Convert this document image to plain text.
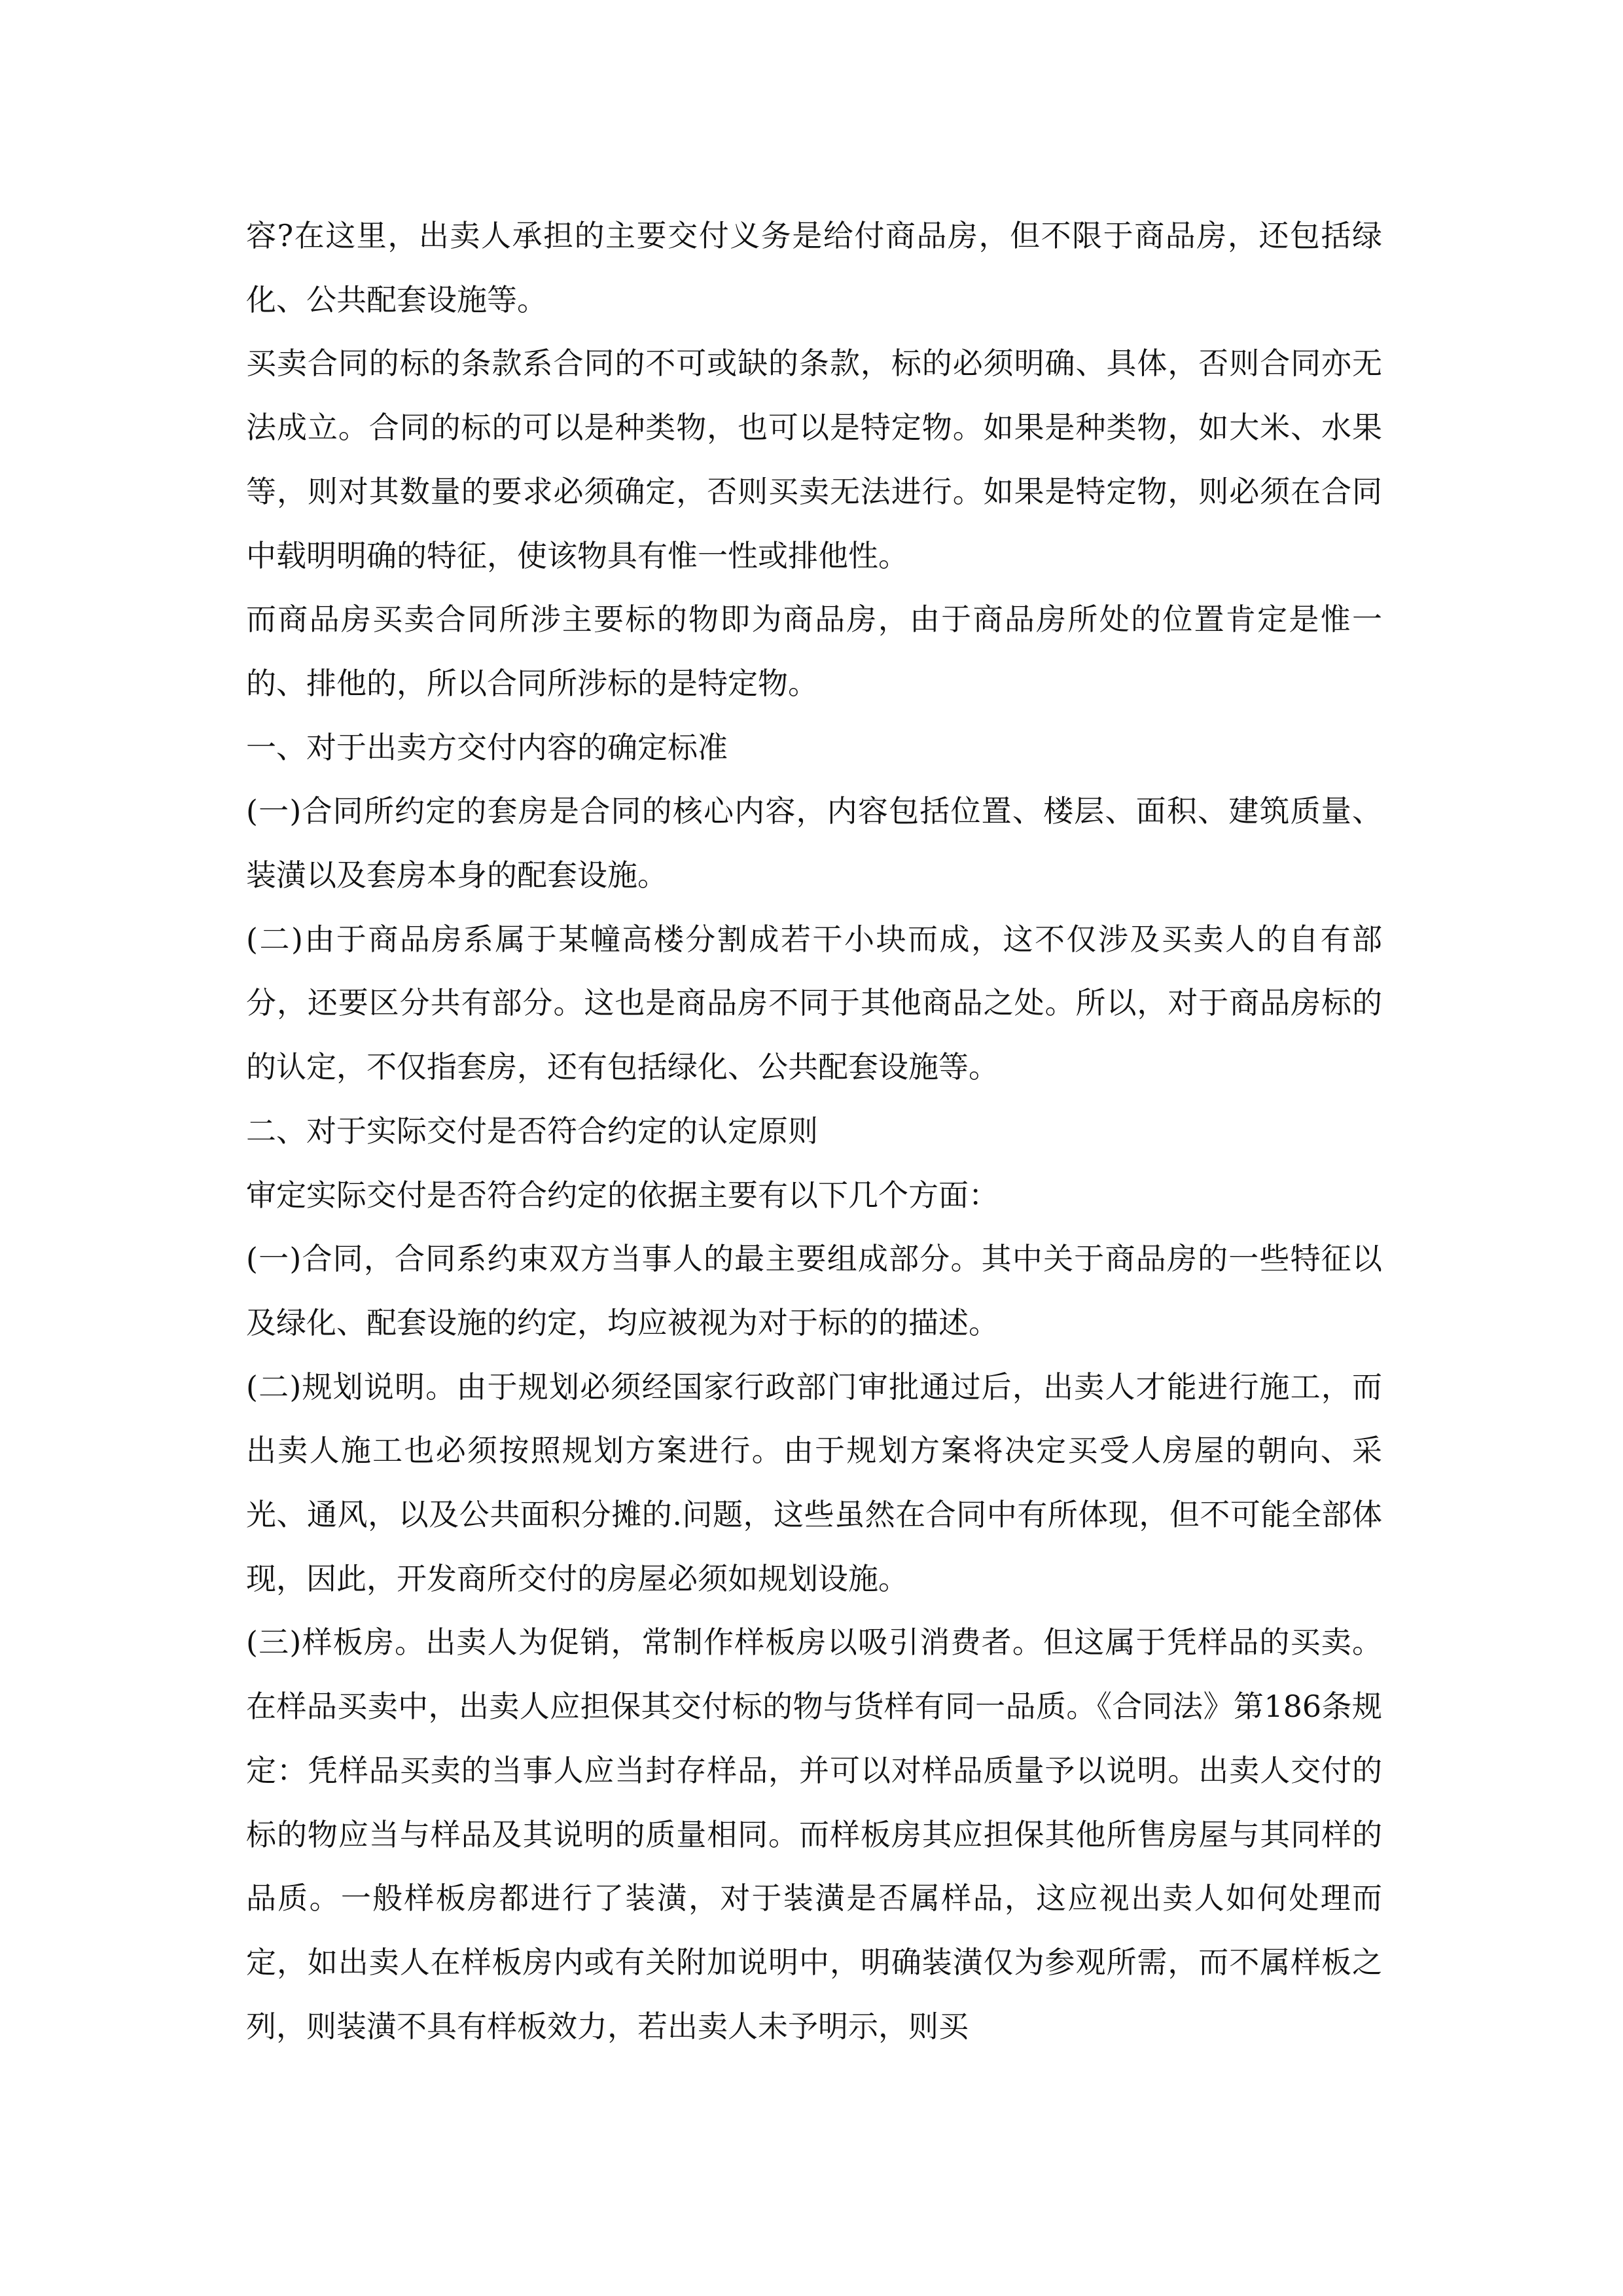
容?在这里，出卖人承担的主要交付义务是给付商品房，但不限于商品房，还包括绿化、公共配套设施等。

买卖合同的标的条款系合同的不可或缺的条款，标的必须明确、具体，否则合同亦无法成立。合同的标的可以是种类物，也可以是特定物。如果是种类物，如大米、水果等，则对其数量的要求必须确定，否则买卖无法进行。如果是特定物，则必须在合同中载明明确的特征，使该物具有惟一性或排他性。

而商品房买卖合同所涉主要标的物即为商品房，由于商品房所处的位置肯定是惟一的、排他的，所以合同所涉标的是特定物。

一、对于出卖方交付内容的确定标准

(一)合同所约定的套房是合同的核心内容，内容包括位置、楼层、面积、建筑质量、装潢以及套房本身的配套设施。

(二)由于商品房系属于某幢高楼分割成若干小块而成，这不仅涉及买卖人的自有部分，还要区分共有部分。这也是商品房不同于其他商品之处。所以，对于商品房标的的认定，不仅指套房，还有包括绿化、公共配套设施等。

二、对于实际交付是否符合约定的认定原则

审定实际交付是否符合约定的依据主要有以下几个方面：

(一)合同，合同系约束双方当事人的最主要组成部分。其中关于商品房的一些特征以及绿化、配套设施的约定，均应被视为对于标的的描述。

(二)规划说明。由于规划必须经国家行政部门审批通过后，出卖人才能进行施工，而出卖人施工也必须按照规划方案进行。由于规划方案将决定买受人房屋的朝向、采光、通风，以及公共面积分摊的.问题，这些虽然在合同中有所体现，但不可能全部体现，因此，开发商所交付的房屋必须如规划设施。

(三)样板房。出卖人为促销，常制作样板房以吸引消费者。但这属于凭样品的买卖。在样品买卖中，出卖人应担保其交付标的物与货样有同一品质。《合同法》第186条规定：凭样品买卖的当事人应当封存样品，并可以对样品质量予以说明。出卖人交付的标的物应当与样品及其说明的质量相同。而样板房其应担保其他所售房屋与其同样的品质。一般样板房都进行了装潢，对于装潢是否属样品，这应视出卖人如何处理而定，如出卖人在样板房内或有关附加说明中，明确装潢仅为参观所需，而不属样板之列，则装潢不具有样板效力，若出卖人未予明示，则买
